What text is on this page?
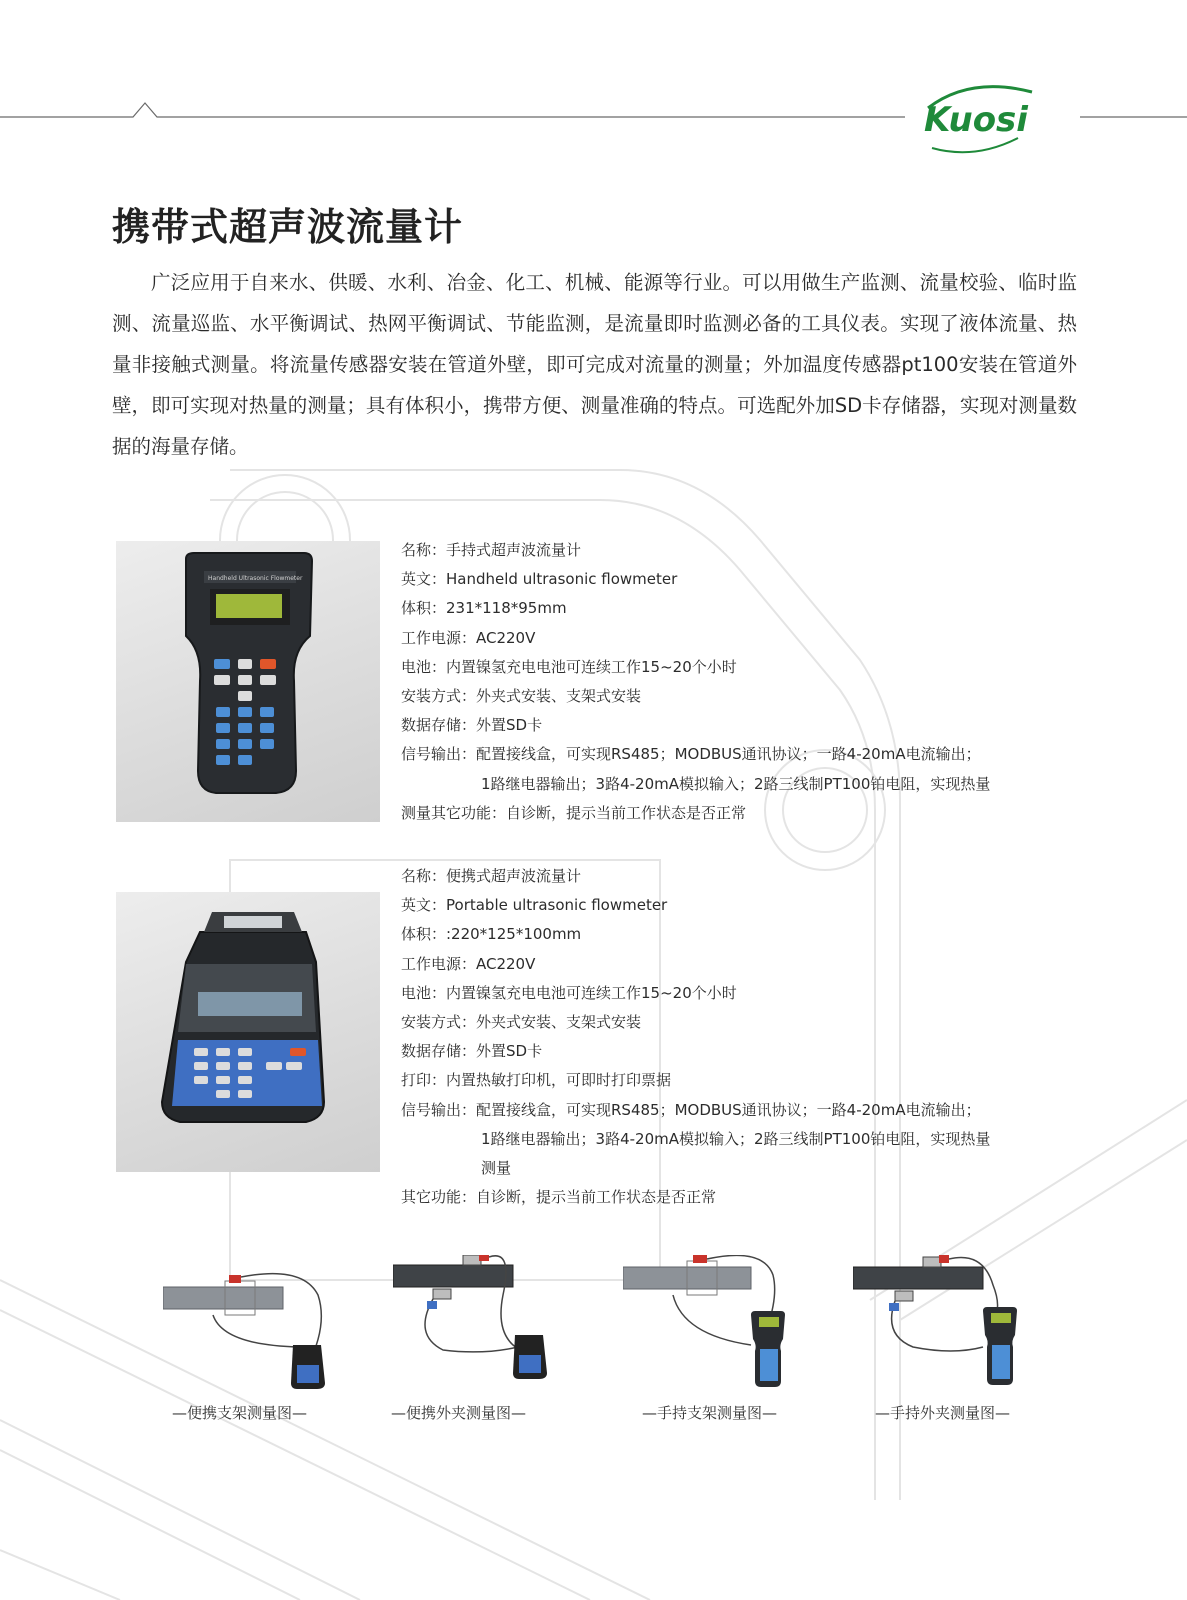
Kuosi
携带式超声波流量计
广泛应用于自来水、供暖、水利、冶金、化工、机械、能源等行业。可以用做生产监测、流量校验、临时监测、流量巡监、水平衡调试、热网平衡调试、节能监测，是流量即时监测必备的工具仪表。实现了液体流量、热量非接触式测量。将流量传感器安装在管道外壁，即可完成对流量的测量；外加温度传感器pt100安装在管道外壁，即可实现对热量的测量；具有体积小，携带方便、测量准确的特点。可选配外加SD卡存储器，实现对测量数据的海量存储。
Handheld Ultrasonic Flowmeter
名称：手持式超声波流量计
英文：Handheld ultrasonic flowmeter
体积：231*118*95mm
工作电源：AC220V
电池：内置镍氢充电电池可连续工作15~20个小时
安装方式：外夹式安装、支架式安装
数据存储：外置SD卡
信号输出：配置接线盒，可实现RS485；MODBUS通讯协议；一路4-20mA电流输出；
1路继电器输出；3路4-20mA模拟输入；2路三线制PT100铂电阻，实现热量
测量其它功能：自诊断，提示当前工作状态是否正常
名称：便携式超声波流量计
英文：Portable ultrasonic flowmeter
体积：:220*125*100mm
工作电源：AC220V
电池：内置镍氢充电电池可连续工作15~20个小时
安装方式：外夹式安装、支架式安装
数据存储：外置SD卡
打印：内置热敏打印机，可即时打印票据
信号输出：配置接线盒，可实现RS485；MODBUS通讯协议；一路4-20mA电流输出；
1路继电器输出；3路4-20mA模拟输入；2路三线制PT100铂电阻，实现热量
测量
其它功能：自诊断，提示当前工作状态是否正常
—便携支架测量图—	—便携外夹测量图—	—手持支架测量图—	—手持外夹测量图—
